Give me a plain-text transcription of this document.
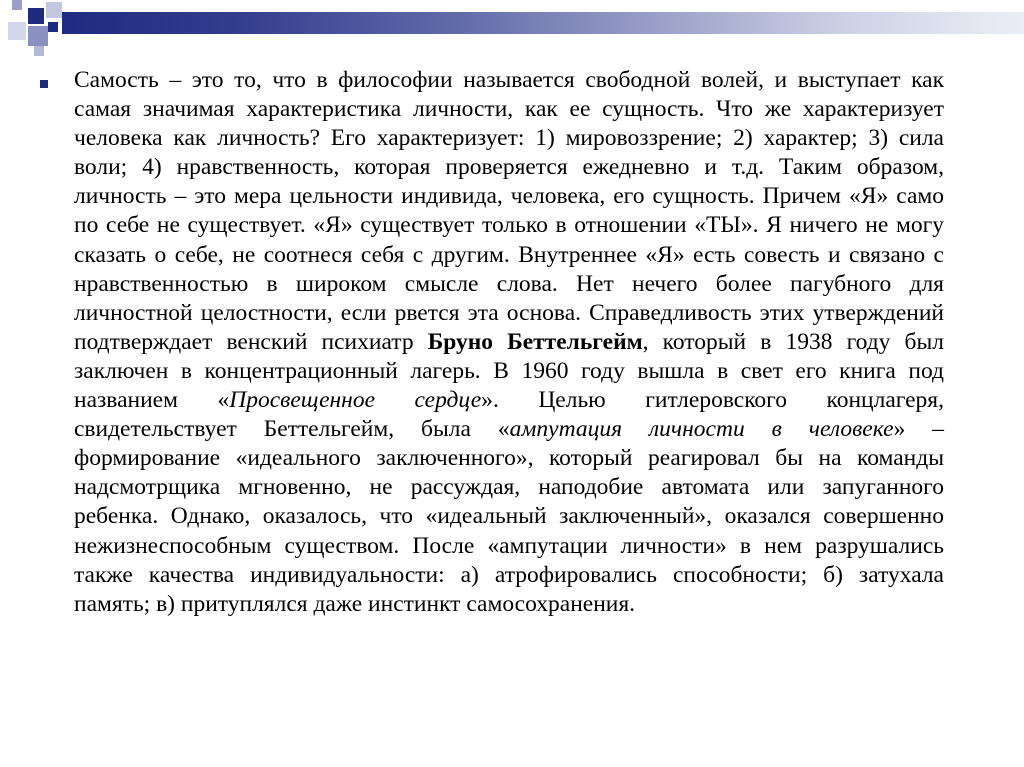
Самость – это то, что в философии называется свободной волей, и выступает как самая значимая характеристика личности, как ее сущность. Что же характеризует человека как личность? Его характеризует: 1) мировоззрение; 2) характер; 3) сила воли; 4) нравственность, которая проверяется ежедневно и т.д. Таким образом, личность – это мера цельности индивида, человека, его сущность. Причем «Я» само по себе не существует. «Я» существует только в отношении «ТЫ». Я ничего не могу сказать о себе, не соотнеся себя с другим. Внутреннее «Я» есть совесть и связано с нравственностью в широком смысле слова. Нет нечего более пагубного для личностной целостности, если рвется эта основа. Справедливость этих утверждений подтверждает венский психиатр Бруно Беттельгейм, который в 1938 году был заключен в концентрационный лагерь. В 1960 году вышла в свет его книга под названием «Просвещенное сердце». Целью гитлеровского концлагеря, свидетельствует Беттельгейм, была «ампутация личности в человеке» – формирование «идеального заключенного», который реагировал бы на команды надсмотрщика мгновенно, не рассуждая, наподобие автомата или запуганного ребенка. Однако, оказалось, что «идеальный заключенный», оказался совершенно нежизнеспособным существом. После «ампутации личности» в нем разрушались также качества индивидуальности: а) атрофировались способности; б) затухала память; в) притуплялся даже инстинкт самосохранения.
